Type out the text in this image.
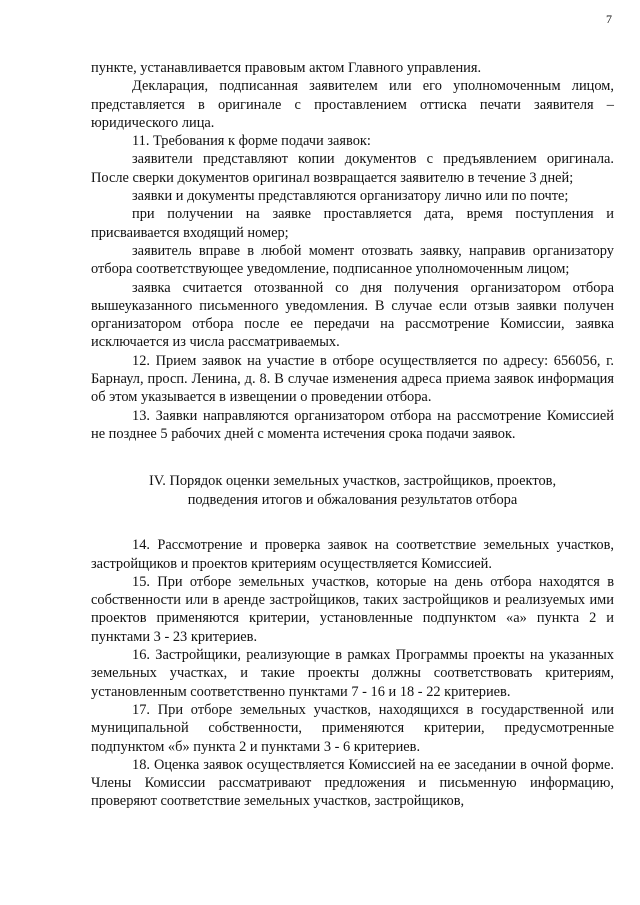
7

пункте, устанавливается правовым актом Главного управления.

Декларация, подписанная заявителем или его уполномоченным лицом, представляется в оригинале с проставлением оттиска печати заявителя – юридического лица.

11. Требования к форме подачи заявок:

заявители представляют копии документов с предъявлением оригинала. После сверки документов оригинал возвращается заявителю в течение 3 дней;

заявки и документы представляются организатору лично или по почте;

при получении на заявке проставляется дата, время поступления и присваивается входящий номер;

заявитель вправе в любой момент отозвать заявку, направив организатору отбора соответствующее уведомление, подписанное уполномоченным лицом;

заявка считается отозванной со дня получения организатором отбора вышеуказанного письменного уведомления. В случае если отзыв заявки получен организатором отбора после ее передачи на рассмотрение Комиссии, заявка исключается из числа рассматриваемых.

12. Прием заявок на участие в отборе осуществляется по адресу: 656056, г. Барнаул, просп. Ленина, д. 8. В случае изменения адреса приема заявок информация об этом указывается в извещении о проведении отбора.

13. Заявки направляются организатором отбора на рассмотрение Комиссией не позднее 5 рабочих дней с момента истечения срока подачи заявок.

IV. Порядок оценки земельных участков, застройщиков, проектов,
подведения итогов и обжалования результатов отбора

14. Рассмотрение и проверка заявок на соответствие земельных участков, застройщиков и проектов критериям осуществляется Комиссией.

15. При отборе земельных участков, которые на день отбора находятся в собственности или в аренде застройщиков, таких застройщиков и реализуемых ими проектов применяются критерии, установленные подпунктом «а» пункта 2 и пунктами 3 - 23 критериев.

16. Застройщики, реализующие в рамках Программы проекты на указанных земельных участках, и такие проекты должны соответствовать критериям, установленным соответственно пунктами 7 - 16 и 18 - 22 критериев.

17. При отборе земельных участков, находящихся в государственной или муниципальной собственности, применяются критерии, предусмотренные подпунктом «б» пункта 2 и пунктами 3 - 6 критериев.

18. Оценка заявок осуществляется Комиссией на ее заседании в очной форме. Члены Комиссии рассматривают предложения и письменную информацию, проверяют соответствие земельных участков, застройщиков,
